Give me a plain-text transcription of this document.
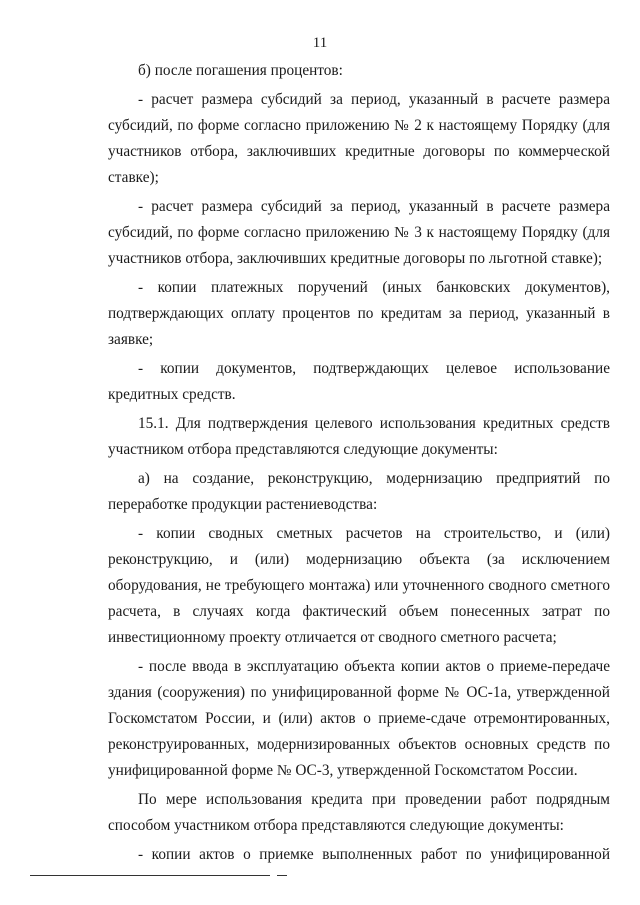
11
б) после погашения процентов:
- расчет размера субсидий за период, указанный в расчете размера
субсидий, по форме согласно приложению № 2 к настоящему Порядку (для
участников отбора, заключивших кредитные договоры по коммерческой
ставке);
- расчет размера субсидий за период, указанный в расчете размера
субсидий, по форме согласно приложению № 3 к настоящему Порядку (для
участников отбора, заключивших кредитные договоры по льготной ставке);
- копии платежных поручений (иных банковских документов),
подтверждающих оплату процентов по кредитам за период, указанный в
заявке;
- копии документов, подтверждающих целевое использование
кредитных средств.
15.1. Для подтверждения целевого использования кредитных средств
участником отбора представляются следующие документы:
а) на создание, реконструкцию, модернизацию предприятий по
переработке продукции растениеводства:
- копии сводных сметных расчетов на строительство, и (или)
реконструкцию, и (или) модернизацию объекта (за исключением
оборудования, не требующего монтажа) или уточненного сводного сметного
расчета, в случаях когда фактический объем понесенных затрат по
инвестиционному проекту отличается от сводного сметного расчета;
- после ввода в эксплуатацию объекта копии актов о приеме-передаче
здания (сооружения) по унифицированной форме № ОС-1а, утвержденной
Госкомстатом России, и (или) актов о приеме-сдаче отремонтированных,
реконструированных, модернизированных объектов основных средств по
унифицированной форме № ОС-3, утвержденной Госкомстатом России.
По мере использования кредита при проведении работ подрядным
способом участником отбора представляются следующие документы:
- копии актов о приемке выполненных работ по унифицированной
